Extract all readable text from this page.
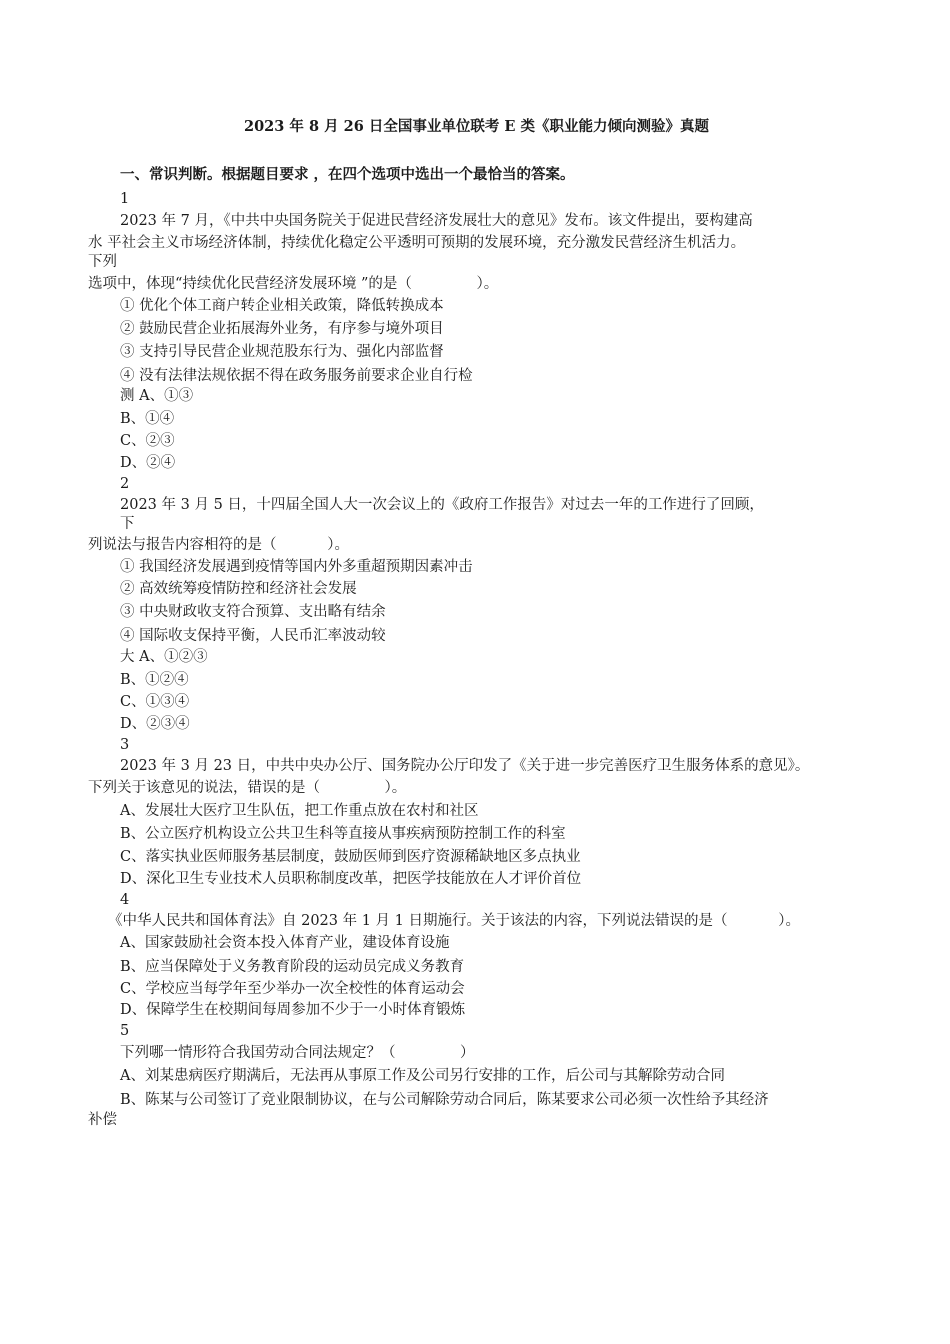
2023 年 8 月 26 日全国事业单位联考 E 类《职业能力倾向测验》真题
一、常识判断。根据题目要求 ，在四个选项中选出一个最恰当的答案。
1
2023 年 7 月，《中共中央国务院关于促进民营经济发展壮大的意见》发布。该文件提出，要构建高
水 平社会主义市场经济体制，持续优化稳定公平透明可预期的发展环境，充分激发民营经济生机活力。
下列
选项中，体现“持续优化民营经济发展环境 ”的是（              ）。
① 优化个体工商户转企业相关政策，降低转换成本
② 鼓励民营企业拓展海外业务，有序参与境外项目
③ 支持引导民营企业规范股东行为、强化内部监督
④ 没有法律法规依据不得在政务服务前要求企业自行检
测 A、①③
B、①④
C、②③
D、②④
2
2023 年 3 月 5 日，十四届全国人大一次会议上的《政府工作报告》对过去一年的工作进行了回顾，
下
列说法与报告内容相符的是（           ）。
① 我国经济发展遇到疫情等国内外多重超预期因素冲击
② 高效统筹疫情防控和经济社会发展
③ 中央财政收支符合预算、支出略有结余
④ 国际收支保持平衡，人民币汇率波动较
大 A、①②③
B、①②④
C、①③④
D、②③④
3
2023 年 3 月 23 日，中共中央办公厅、国务院办公厅印发了《关于进一步完善医疗卫生服务体系的意见》。
下列关于该意见的说法，错误的是（              ）。
A、发展壮大医疗卫生队伍，把工作重点放在农村和社区
B、公立医疗机构设立公共卫生科等直接从事疾病预防控制工作的科室
C、落实执业医师服务基层制度，鼓励医师到医疗资源稀缺地区多点执业
D、深化卫生专业技术人员职称制度改革，把医学技能放在人才评价首位
4
《中华人民共和国体育法》自 2023 年 1 月 1 日期施行。关于该法的内容，下列说法错误的是（           ）。
A、国家鼓励社会资本投入体育产业，建设体育设施
B、应当保障处于义务教育阶段的运动员完成义务教育
C、学校应当每学年至少举办一次全校性的体育运动会
D、保障学生在校期间每周参加不少于一小时体育锻炼
5
下列哪一情形符合我国劳动合同法规定？（              ）
A、刘某患病医疗期满后，无法再从事原工作及公司另行安排的工作，后公司与其解除劳动合同
B、陈某与公司签订了竞业限制协议，在与公司解除劳动合同后，陈某要求公司必须一次性给予其经济
补偿
